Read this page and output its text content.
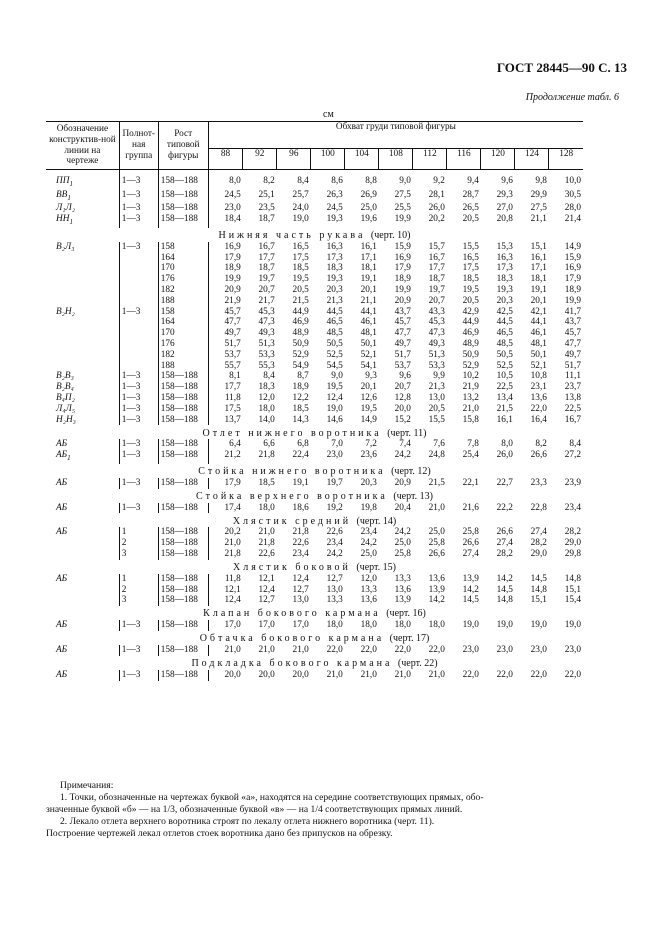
ГОСТ 28445—90 С. 13
Продолжение табл. 6
см
Обозначение конструктив-ной линии на чертеже	Полнот-ная группа	Рост типовой фигуры	Обхват груди типовой фигуры										
			88	92	96	100	104	108	112	116	120	124	128

$ПП_1$	1—3	158—188	8,0	8,2	8,4	8,6	8,8	9,0	9,2	9,4	9,6	9,8	10,0
$ВВ_1$	1—3	158—188	24,5	25,1	25,7	26,3	26,9	27,5	28,1	28,7	29,3	29,9	30,5
Л₁Л₂	1—3	158—188	23,0	23,5	24,0	24,5	25,0	25,5	26,0	26,5	27,0	27,5	28,0
$НН_1$	1—3	158—188	18,4	18,7	19,0	19,3	19,6	19,9	20,2	20,5	20,8	21,1	21,4
Нижняя часть рукава (черт. 10)													
В₂Л₃	1—3	158	16,9	16,7	16,5	16,3	16,1	15,9	15,7	15,5	15,3	15,1	14,9
		164	17,9	17,7	17,5	17,3	17,1	16,9	16,7	16,5	16,3	16,1	15,9
		170	18,9	18,7	18,5	18,3	18,1	17,9	17,7	17,5	17,3	17,1	16,9
		176	19,9	19,7	19,5	19,3	19,1	18,9	18,7	18,5	18,3	18,1	17,9
		182	20,9	20,7	20,5	20,3	20,1	19,9	19,7	19,5	19,3	19,1	18,9
		188	21,9	21,7	21,5	21,3	21,1	20,9	20,7	20,5	20,3	20,1	19,9
В₂Н₂	1—3	158	45,7	45,3	44,9	44,5	44,1	43,7	43,3	42,9	42,5	42,1	41,7
		164	47,7	47,3	46,9	46,5	46,1	45,7	45,3	44,9	44,5	44,1	43,7
		170	49,7	49,3	48,9	48,5	48,1	47,7	47,3	46,9	46,5	46,1	45,7
		176	51,7	51,3	50,9	50,5	50,1	49,7	49,3	48,9	48,5	48,1	47,7
		182	53,7	53,3	52,9	52,5	52,1	51,7	51,3	50,9	50,5	50,1	49,7
		188	55,7	55,3	54,9	54,5	54,1	53,7	53,3	52,9	52,5	52,1	51,7
В₂В₃	1—3	158—188	8,1	8,4	8,7	9,0	9,3	9,6	9,9	10,2	10,5	10,8	11,1
В₂В₄	1—3	158—188	17,7	18,3	18,9	19,5	20,1	20,7	21,3	21,9	22,5	23,1	23,7
В₄П₂	1—3	158—188	11,8	12,0	12,2	12,4	12,6	12,8	13,0	13,2	13,4	13,6	13,8
Л₄Л₅	1—3	158—188	17,5	18,0	18,5	19,0	19,5	20,0	20,5	21,0	21,5	22,0	22,5
Н₂Н₃	1—3	158—188	13,7	14,0	14,3	14,6	14,9	15,2	15,5	15,8	16,1	16,4	16,7
Отлет нижнего воротника (черт. 11)													
АБ	1—3	158—188	6,4	6,6	6,8	7,0	7,2	7,4	7,6	7,8	8,0	8,2	8,4
$АБ_1$	1—3	158—188	21,2	21,8	22,4	23,0	23,6	24,2	24,8	25,4	26,0	26,6	27,2
Стойка нижнего воротника (черт. 12)													
АБ	1—3	158—188	17,9	18,5	19,1	19,7	20,3	20,9	21,5	22,1	22,7	23,3	23,9
Стойка верхнего воротника (черт. 13)													
АБ	1—3	158—188	17,4	18,0	18,6	19,2	19,8	20,4	21,0	21,6	22,2	22,8	23,4
Хлястик средний (черт. 14)													
АБ	1	158—188	20,2	21,0	21,8	22,6	23,4	24,2	25,0	25,8	26,6	27,4	28,2
	2	158—188	21,0	21,8	22,6	23,4	24,2	25,0	25,8	26,6	27,4	28,2	29,0
	3	158—188	21,8	22,6	23,4	24,2	25,0	25,8	26,6	27,4	28,2	29,0	29,8
Хлястик боковой (черт. 15)													
АБ	1	158—188	11,8	12,1	12,4	12,7	12,0	13,3	13,6	13,9	14,2	14,5	14,8
	2	158—188	12,1	12,4	12,7	13,0	13,3	13,6	13,9	14,2	14,5	14,8	15,1
	3	158—188	12,4	12,7	13,0	13,3	13,6	13,9	14,2	14,5	14,8	15,1	15,4
Клапан бокового кармана (черт. 16)													
АБ	1—3	158—188	17,0	17,0	17,0	18,0	18,0	18,0	18,0	19,0	19,0	19,0	19,0
Обтачка бокового кармана (черт. 17)													
АБ	1—3	158—188	21,0	21,0	21,0	22,0	22,0	22,0	22,0	23,0	23,0	23,0	23,0
Подкладка бокового кармана (черт. 22)													
АБ	1—3	158—188	20,0	20,0	20,0	21,0	21,0	21,0	21,0	22,0	22,0	22,0	22,0

Примечания:

1. Точки, обозначенные на чертежах буквой «а», находятся на середине соответствующих прямых, обо-

значенные буквой «б» — на 1/3, обозначенные буквой «в» — на 1/4 соответствующих прямых линий.

2. Лекало отлета верхнего воротника строят по лекалу отлета нижнего воротника (черт. 11).

Построение чертежей лекал отлетов стоек воротника дано без припусков на обрезку.
